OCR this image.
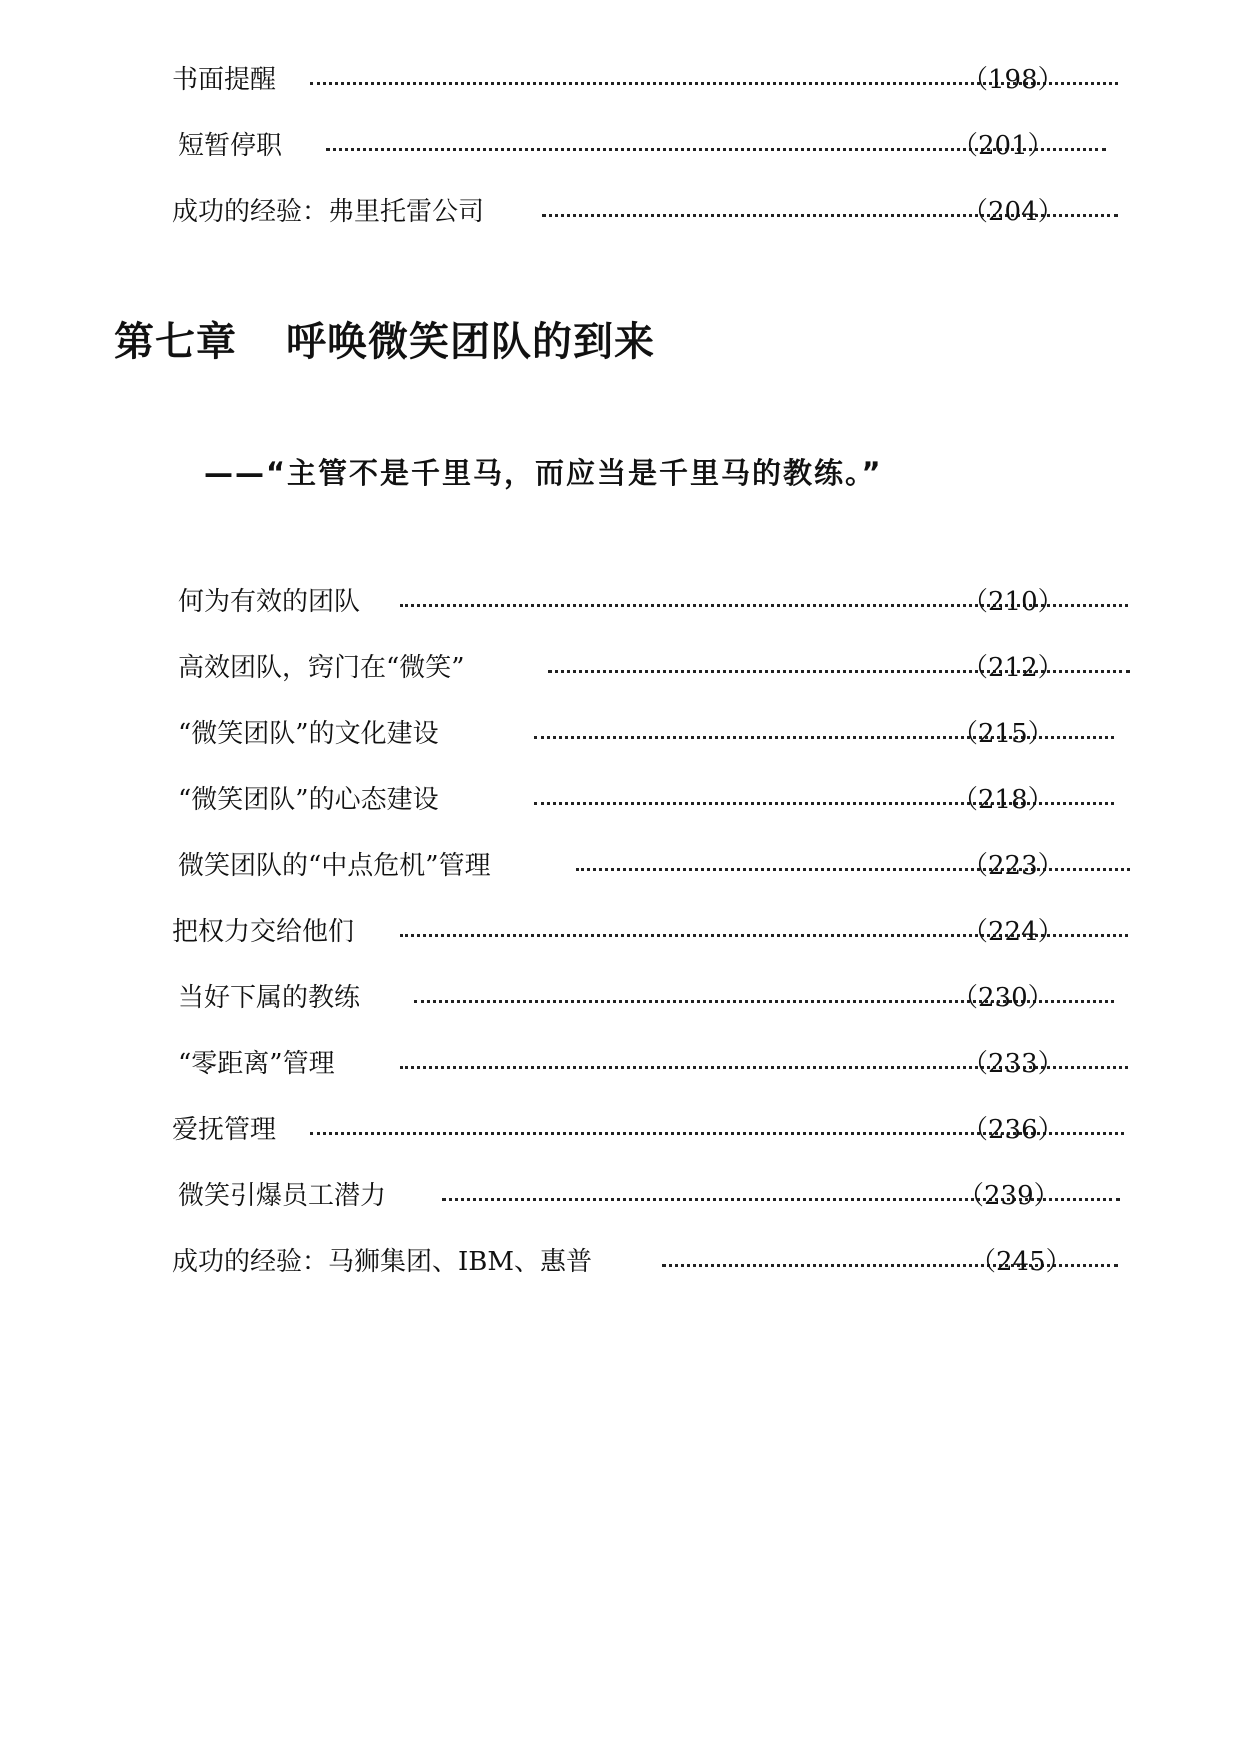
书面提醒	（198）
短暂停职	（201）
成功的经验：弗里托雷公司	（204）
第七章 呼唤微笑团队的到来
——“主管不是千里马，而应当是千里马的教练。”
何为有效的团队	（210）
高效团队，窍门在“微笑”	（212）
“微笑团队”的文化建设	（215）
“微笑团队”的心态建设	（218）
微笑团队的“中点危机”管理	（223）
把权力交给他们	（224）
当好下属的教练	（230）
“零距离”管理	（233）
爱抚管理	（236）
微笑引爆员工潜力	（239）
成功的经验：马狮集团、IBM、惠普	（245）
